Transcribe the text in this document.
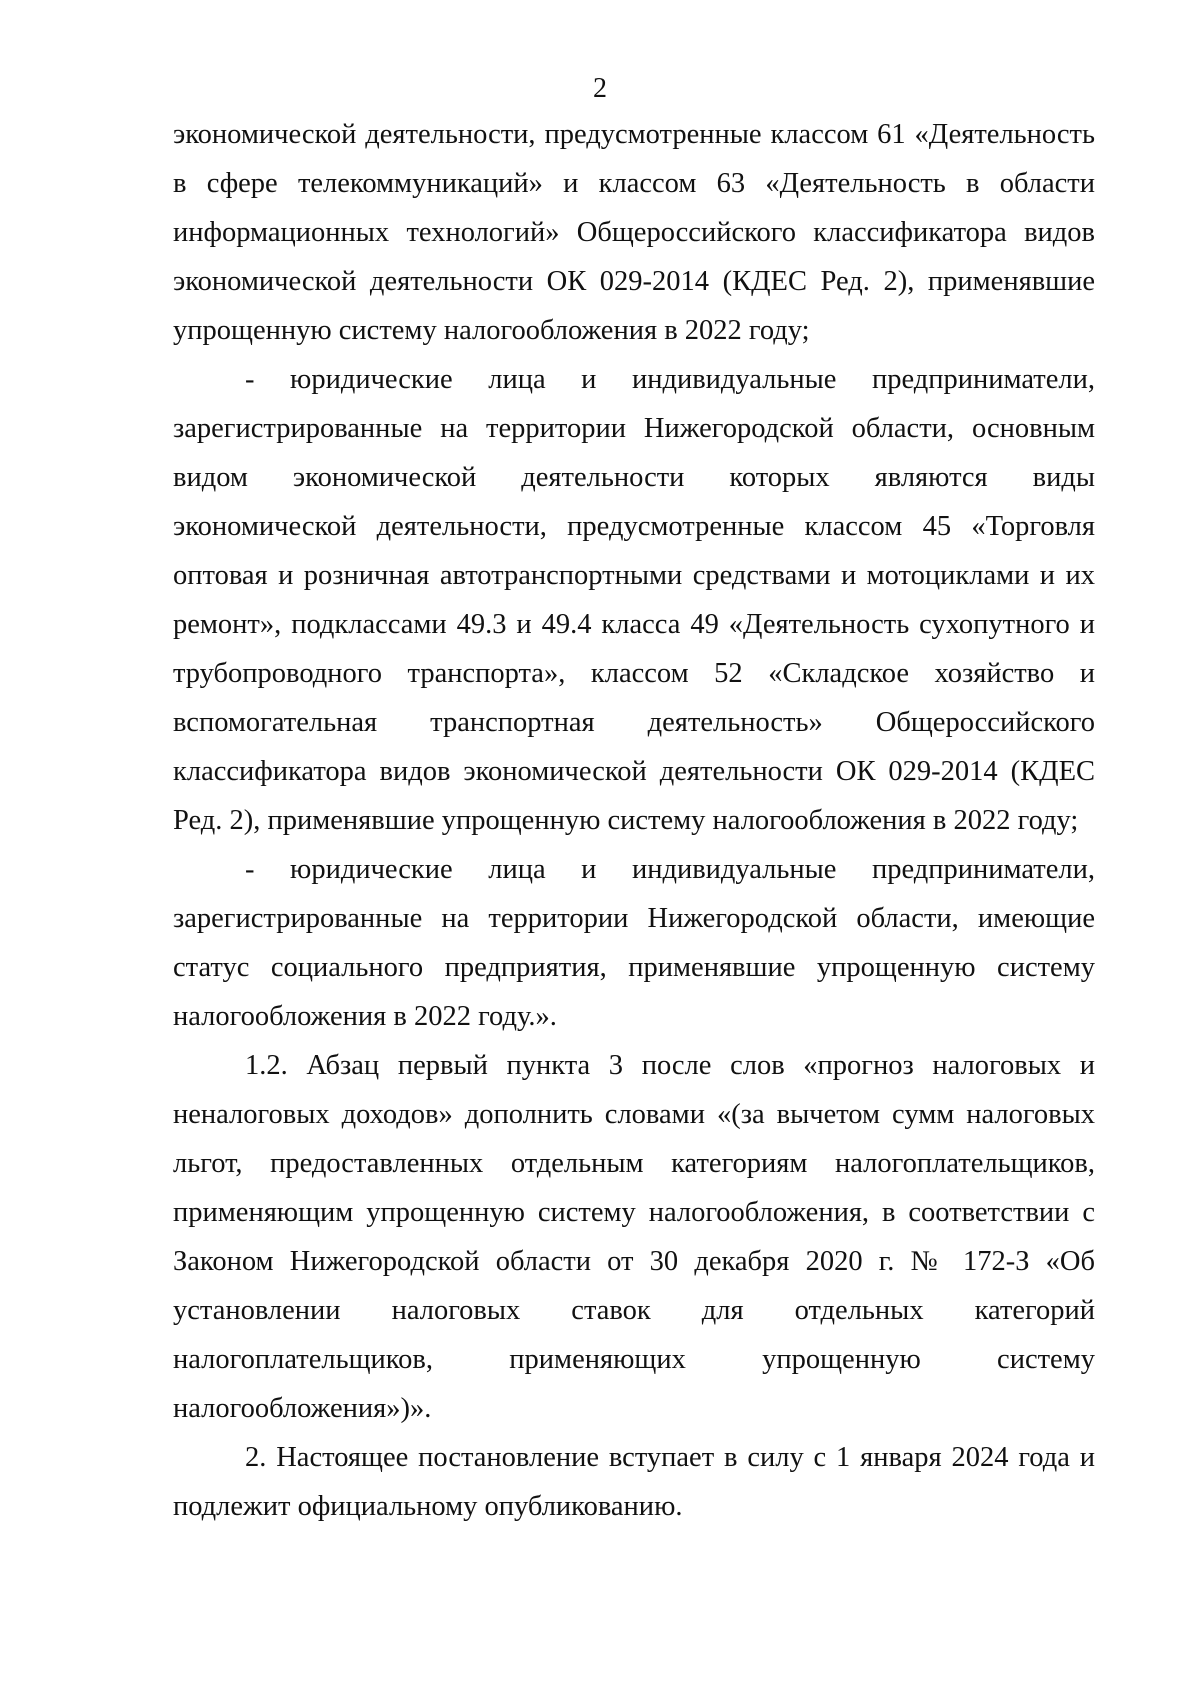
2

экономической деятельности, предусмотренные классом 61 «Деятельность в сфере телекоммуникаций» и классом 63 «Деятельность в области информационных технологий» Общероссийского классификатора видов экономической деятельности ОК 029-2014 (КДЕС Ред. 2), применявшие упрощенную систему налогообложения в 2022 году;

- юридические лица и индивидуальные предприниматели, зарегистрированные на территории Нижегородской области, основным видом экономической деятельности которых являются виды экономической деятельности, предусмотренные классом 45 «Торговля оптовая и розничная автотранспортными средствами и мотоциклами и их ремонт», подклассами 49.3 и 49.4 класса 49 «Деятельность сухопутного и трубопроводного транспорта», классом 52 «Складское хозяйство и вспомогательная транспортная деятельность» Общероссийского классификатора видов экономической деятельности ОК 029-2014 (КДЕС Ред. 2), применявшие упрощенную систему налогообложения в 2022 году;

- юридические лица и индивидуальные предприниматели, зарегистрированные на территории Нижегородской области, имеющие статус социального предприятия, применявшие упрощенную систему налогообложения в 2022 году.».

1.2. Абзац первый пункта 3 после слов «прогноз налоговых и неналоговых доходов» дополнить словами «(за вычетом сумм налоговых льгот, предоставленных отдельным категориям налогоплательщиков, применяющим упрощенную систему налогообложения, в соответствии с Законом Нижегородской области от 30 декабря 2020 г. № 172-З «Об установлении налоговых ставок для отдельных категорий налогоплательщиков, применяющих упрощенную систему налогообложения»)».

2. Настоящее постановление вступает в силу с 1 января 2024 года и подлежит официальному опубликованию.
